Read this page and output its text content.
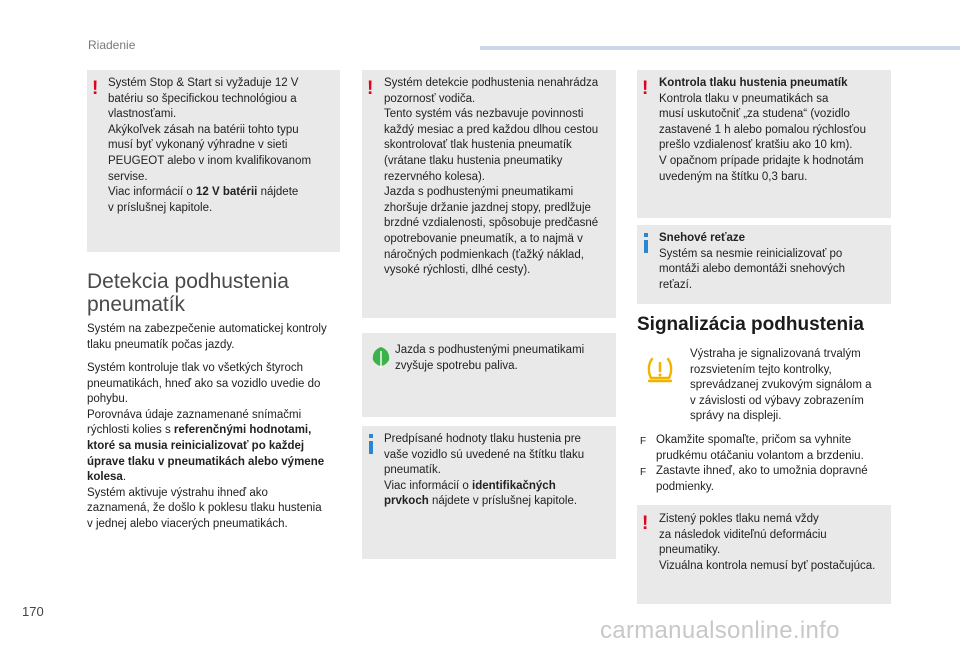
Riadenie
! Systém Stop & Start si vyžaduje 12 V

batériu so špecifickou technológiou a

vlastnosťami.

Akýkoľvek zásah na batérii tohto typu

musí byť vykonaný výhradne v sieti

PEUGEOT alebo v inom kvalifikovanom

servise.

Viac informácií o 12 V batérii nájdete

v príslušnej kapitole.

Detekcia podhustenia
pneumatík

Systém na zabezpečenie automatickej kontroly

tlaku pneumatík počas jazdy.

Systém kontroluje tlak vo všetkých štyroch

pneumatikách, hneď ako sa vozidlo uvedie do

pohybu.

Porovnáva údaje zaznamenané snímačmi

rýchlosti kolies s referenčnými hodnotami,

ktoré sa musia reinicializovať po každej

úprave tlaku v pneumatikách alebo výmene

kolesa.

Systém aktivuje výstrahu ihneď ako

zaznamená, že došlo k poklesu tlaku hustenia

v jednej alebo viacerých pneumatikách.

! Systém detekcie podhustenia nenahrádza

pozornosť vodiča.

Tento systém vás nezbavuje povinnosti

každý mesiac a pred každou dlhou cestou

skontrolovať tlak hustenia pneumatík

(vrátane tlaku hustenia pneumatiky

rezervného kolesa).

Jazda s podhustenými pneumatikami

zhoršuje držanie jazdnej stopy, predlžuje

brzdné vzdialenosti, spôsobuje predčasné

opotrebovanie pneumatík, a to najmä v

náročných podmienkach (ťažký náklad,

vysoké rýchlosti, dlhé cesty).

Jazda s podhustenými pneumatikami

zvyšuje spotrebu paliva.

Predpísané hodnoty tlaku hustenia pre

vaše vozidlo sú uvedené na štítku tlaku

pneumatík.

Viac informácií o identifikačných

prvkoch nájdete v príslušnej kapitole.

! Kontrola tlaku hustenia pneumatík

Kontrola tlaku v pneumatikách sa

musí uskutočniť „za studena“ (vozidlo

zastavené 1 h alebo pomalou rýchlosťou

prešlo vzdialenosť kratšiu ako 10 km).

V opačnom prípade pridajte k hodnotám

uvedeným na štítku 0,3 baru.

Snehové reťaze

Systém sa nesmie reinicializovať po

montáži alebo demontáži snehových

reťazí.

Signalizácia podhustenia

Výstraha je signalizovaná trvalým

rozsvietením tejto kontrolky,

sprevádzanej zvukovým signálom a

v závislosti od výbavy zobrazením

správy na displeji.

F Okamžite spomaľte, pričom sa vyhnite

prudkému otáčaniu volantom a brzdeniu.

F Zastavte ihneď, ako to umožnia dopravné

podmienky.

! Zistený pokles tlaku nemá vždy

za následok viditeľnú deformáciu

pneumatiky.

Vizuálna kontrola nemusí byť postačujúca.

170
carmanualsonline.info
